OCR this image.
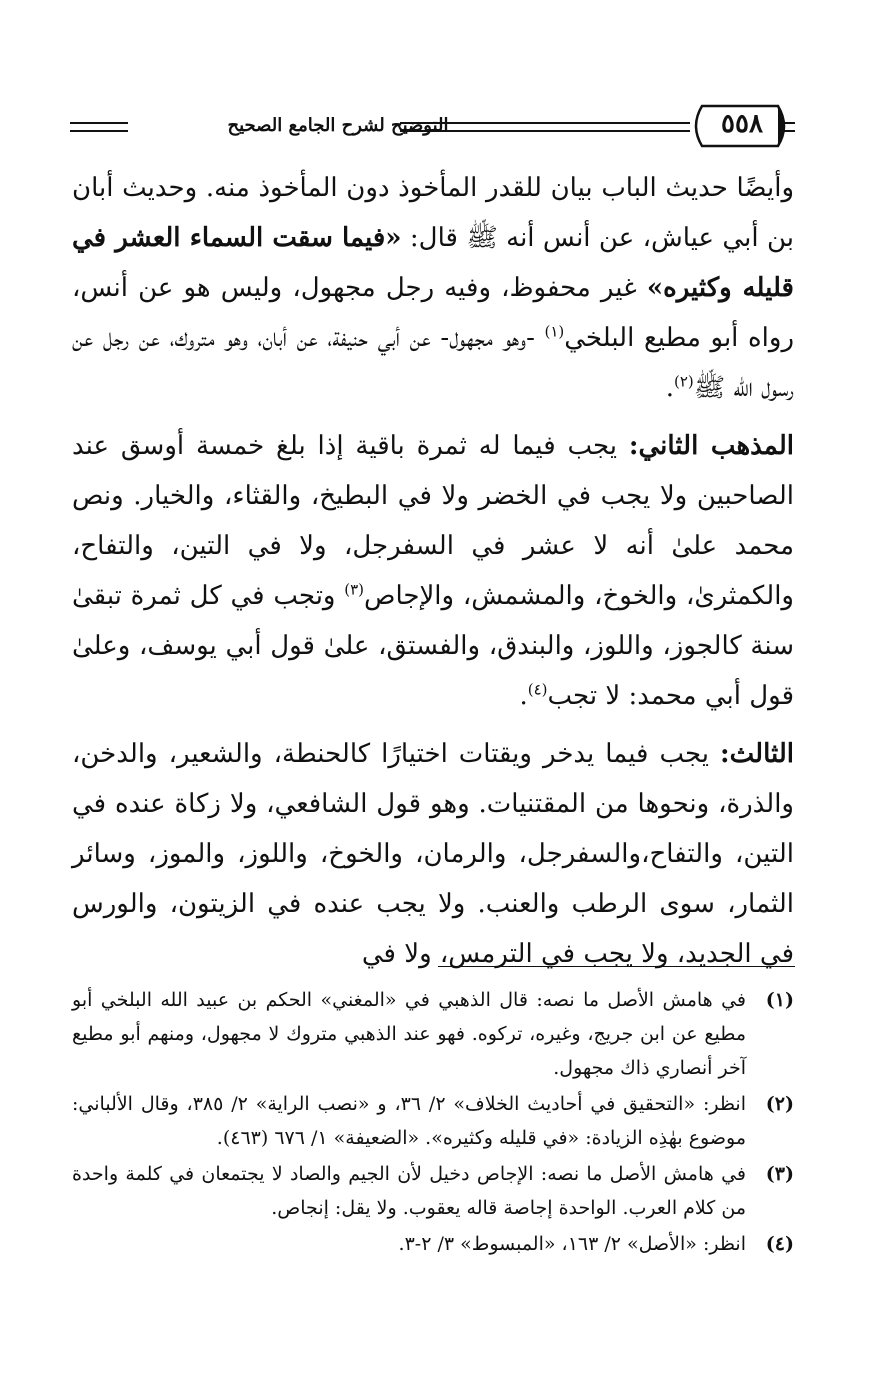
التوضيح لشرح الجامع الصحيح	٥٥٨

وأيضًا حديث الباب بيان للقدر المأخوذ دون المأخوذ منه. وحديث أبان بن أبي عياش، عن أنس أنه ﷺ قال: «فيما سقت السماء العشر في قليله وكثيره» غير محفوظ، وفيه رجل مجهول، وليس هو عن أنس، رواه أبو مطيع البلخي$^{(١)}$ -وهو مجهول- عن أبي حنيفة، عن أبان، وهو متروك، عن رجل عن رسول الله ﷺ$^{(٢)}$.

المذهب الثاني: يجب فيما له ثمرة باقية إذا بلغ خمسة أوسق عند الصاحبين ولا يجب في الخضر ولا في البطيخ، والقثاء، والخيار. ونص محمد علىٰ أنه لا عشر في السفرجل، ولا في التين، والتفاح، والكمثرىٰ، والخوخ، والمشمش، والإجاص$^{(٣)}$ وتجب في كل ثمرة تبقىٰ سنة كالجوز، واللوز، والبندق، والفستق، علىٰ قول أبي يوسف، وعلىٰ قول أبي محمد: لا تجب$^{(٤)}$.

الثالث: يجب فيما يدخر ويقتات اختيارًا كالحنطة، والشعير، والدخن، والذرة، ونحوها من المقتنيات. وهو قول الشافعي، ولا زكاة عنده في التين، والتفاح،والسفرجل، والرمان، والخوخ، واللوز، والموز، وسائر الثمار، سوى الرطب والعنب. ولا يجب عنده في الزيتون، والورس في الجديد، ولا يجب في الترمس، ولا في

(١)
في هامش الأصل ما نصه: قال الذهبي في «المغني» الحكم بن عبيد الله البلخي أبو مطيع عن ابن جريج، وغيره، تركوه. فهو عند الذهبي متروك لا مجهول، ومنهم أبو مطيع آخر أنصاري ذاك مجهول.
(٢)
انظر: «التحقيق في أحاديث الخلاف» ٢/ ٣٦، و «نصب الراية» ٢/ ٣٨٥، وقال الألباني: موضوع بهٰذِه الزيادة: «في قليله وكثيره». «الضعيفة» ١/ ٦٧٦ (٤٦٣).
(٣)
في هامش الأصل ما نصه: الإجاص دخيل لأن الجيم والصاد لا يجتمعان في كلمة واحدة من كلام العرب. الواحدة إجاصة قاله يعقوب. ولا يقل: إنجاص.
(٤)
انظر: «الأصل» ٢/ ١٦٣، «المبسوط» ٣/ ٢-٣.
